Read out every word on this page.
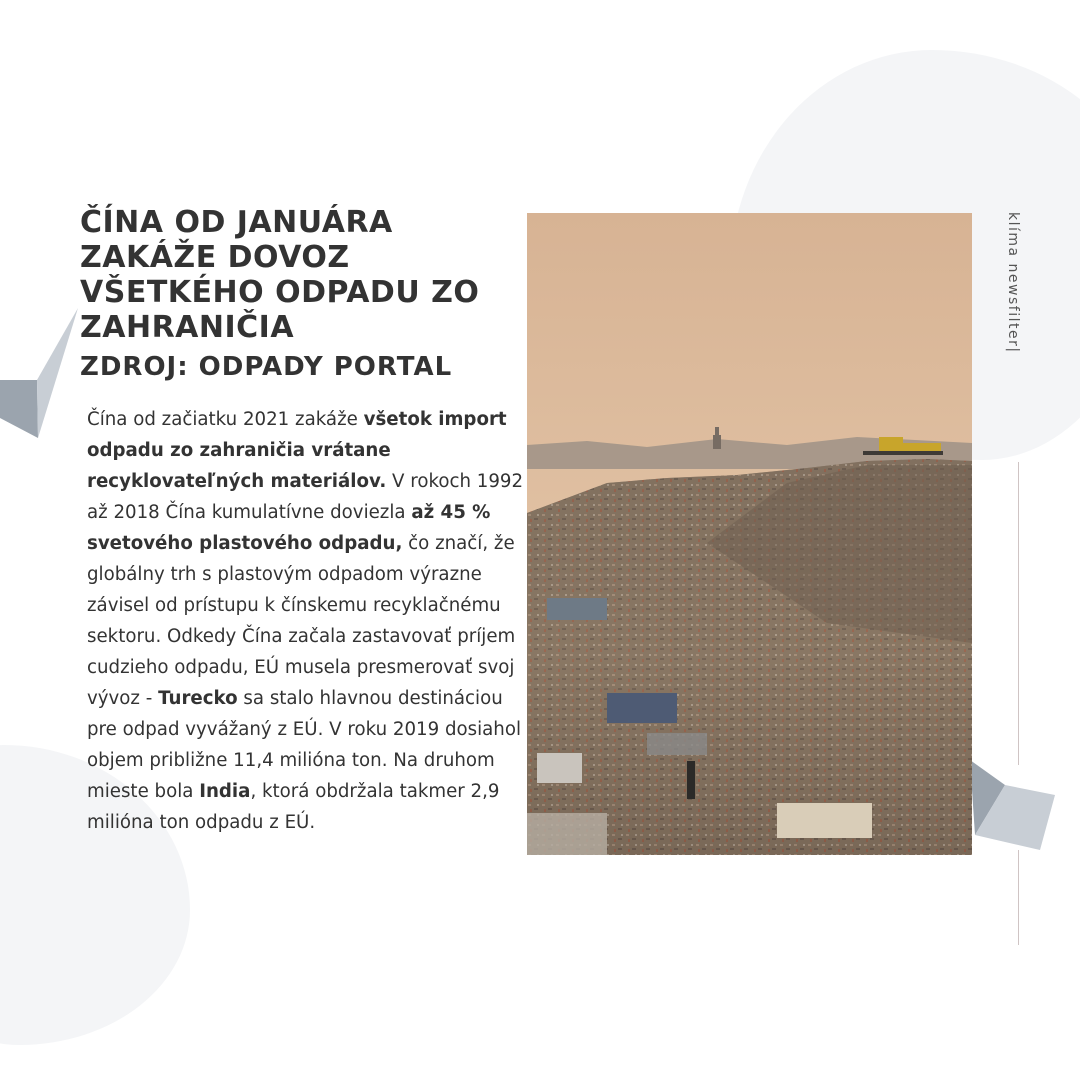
ČÍNA OD JANUÁRA ZAKÁŽE DOVOZ VŠETKÉHO ODPADU ZO ZAHRANIČIA
ZDROJ: ODPADY PORTAL

Čína od začiatku 2021 zakáže všetok import odpadu zo zahraničia vrátane recyklovateľných materiálov. V rokoch 1992 až 2018 Čína kumulatívne doviezla až 45 % svetového plastového odpadu, čo značí, že globálny trh s plastovým odpadom výrazne závisel od prístupu k čínskemu recyklačnému sektoru. Odkedy Čína začala zastavovať príjem cudzieho odpadu, EÚ musela presmerovať svoj vývoz - Turecko sa stalo hlavnou destináciou pre odpad vyvážaný z EÚ. V roku 2019 dosiahol objem približne 11,4 milióna ton. Na druhom mieste bola India, ktorá obdržala takmer 2,9 milióna ton odpadu z EÚ.

klíma newsfilter|
